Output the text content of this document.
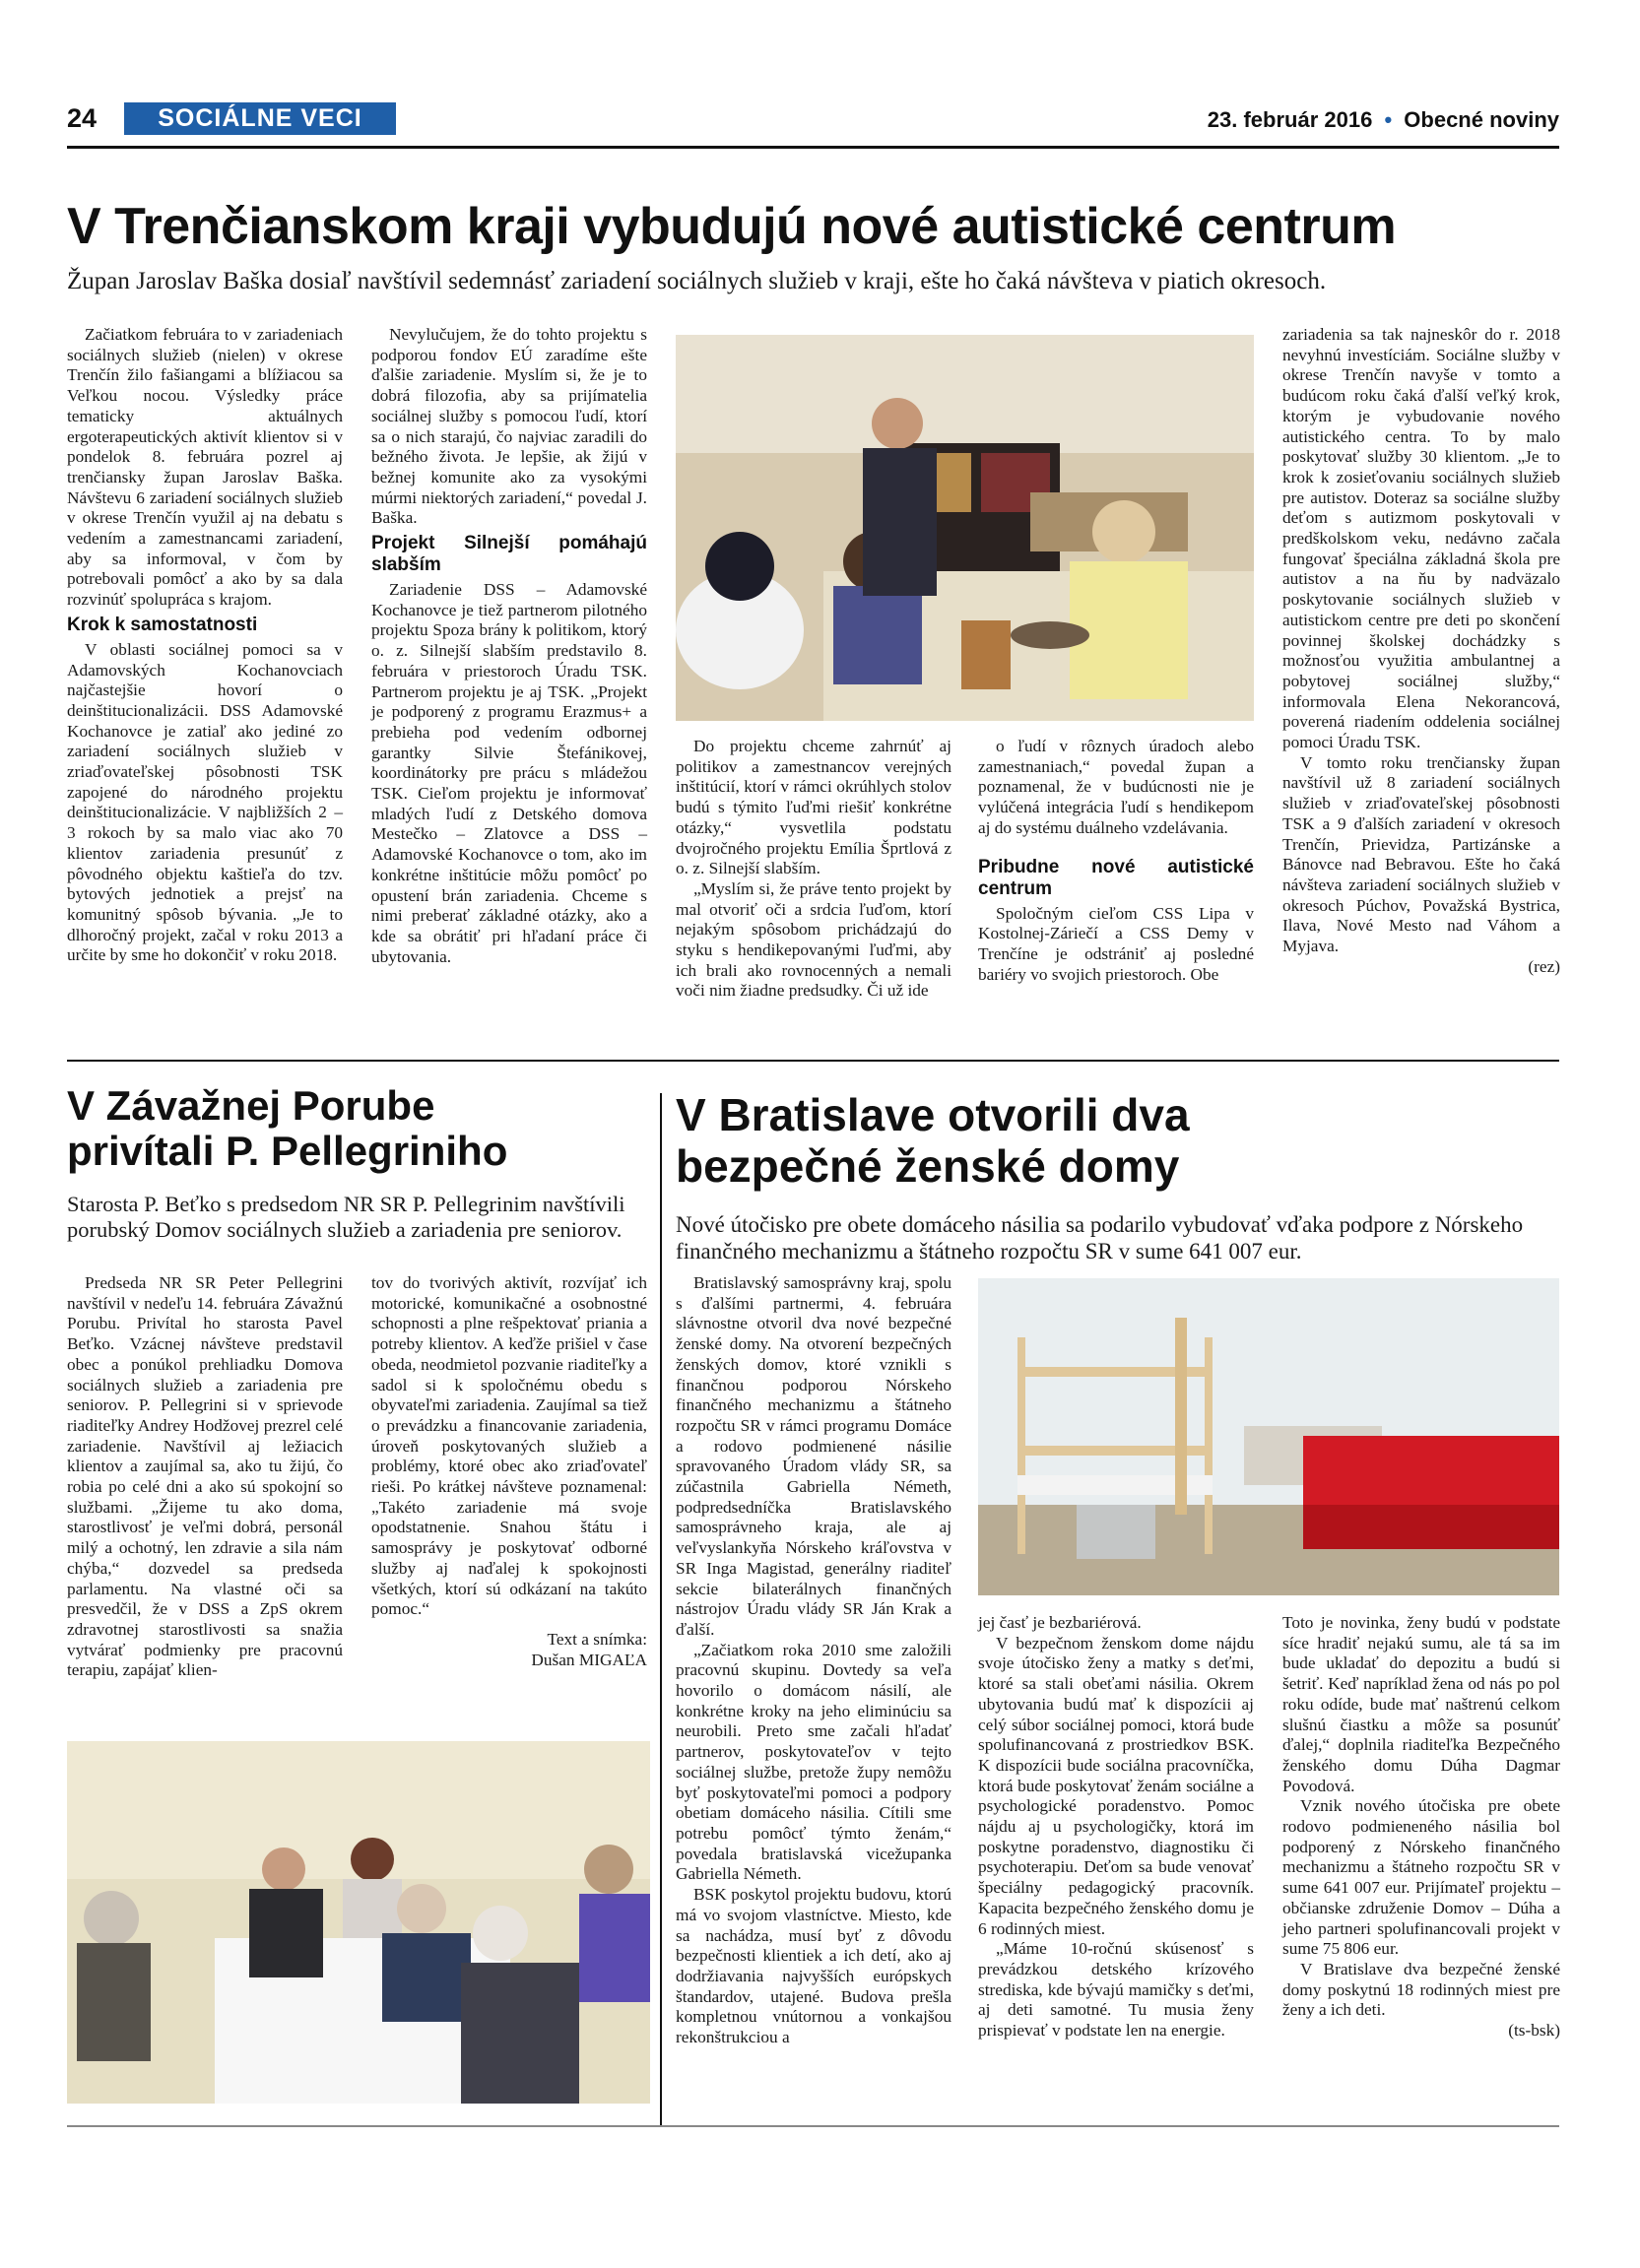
24	SOCIÁLNE VECI	23. február 2016 • Obecné noviny
V Trenčianskom kraji vybudujú nové autistické centrum
Župan Jaroslav Baška dosiaľ navštívil sedemnásť zariadení sociálnych služieb v kraji, ešte ho čaká návšteva v piatich okresoch.

Začiatkom februára to v zariadeniach sociálnych služieb (nielen) v okrese Trenčín žilo fašiangami a blížiacou sa Veľkou nocou. Výsledky práce tematicky aktuálnych ergoterapeutických aktivít klientov si v pondelok 8. februára pozrel aj trenčiansky župan Jaroslav Baška. Návštevu 6 zariadení sociálnych služieb v okrese Trenčín využil aj na debatu s vedením a zamestnancami zariadení, aby sa informoval, v čom by potrebovali pomôcť a ako by sa dala rozvinúť spolupráca s krajom.

Krok k samostatnosti

V oblasti sociálnej pomoci sa v Adamovských Kochanovciach najčastejšie hovorí o deinštitucionalizácii. DSS Adamovské Kochanovce je zatiaľ ako jediné zo zariadení sociálnych služieb v zriaďovateľskej pôsobnosti TSK zapojené do národného projektu deinštitucionalizácie. V najbližších 2 – 3 rokoch by sa malo viac ako 70 klientov zariadenia presunúť z pôvodného objektu kaštieľa do tzv. bytových jednotiek a prejsť na komunitný spôsob bývania. „Je to dlhoročný projekt, začal v roku 2013 a určite by sme ho dokončiť v roku 2018.

Nevylučujem, že do tohto projektu s podporou fondov EÚ zaradíme ešte ďalšie zariadenie. Myslím si, že je to dobrá filozofia, aby sa prijímatelia sociálnej služby s pomocou ľudí, ktorí sa o nich starajú, čo najviac zaradili do bežného života. Je lepšie, ak žijú v bežnej komunite ako za vysokými múrmi niektorých zariadení,“ povedal J. Baška.

Projekt Silnejší pomáhajú slabším

Zariadenie DSS – Adamovské Kochanovce je tiež partnerom pilotného projektu Spoza brány k politikom, ktorý o. z. Silnejší slabším predstavilo 8. februára v priestoroch Úradu TSK. Partnerom projektu je aj TSK. „Projekt je podporený z programu Erazmus+ a prebieha pod vedením odbornej garantky Silvie Štefánikovej, koordinátorky pre prácu s mládežou TSK. Cieľom projektu je informovať mladých ľudí z Detského domova Mestečko – Zlatovce a DSS – Adamovské Kochanovce o tom, ako im konkrétne inštitúcie môžu pomôcť po opustení brán zariadenia. Chceme s nimi preberať základné otázky, ako a kde sa obrátiť pri hľadaní práce či ubytovania.

Do projektu chceme zahrnúť aj politikov a zamestnancov verejných inštitúcií, ktorí v rámci okrúhlych stolov budú s týmito ľuďmi riešiť konkrétne otázky,“ vysvetlila podstatu dvojročného projektu Emília Šprtlová z o. z. Silnejší slabším.

„Myslím si, že práve tento projekt by mal otvoriť oči a srdcia ľuďom, ktorí nejakým spôsobom prichádzajú do styku s hendikepovanými ľuďmi, aby ich brali ako rovnocenných a nemali voči nim žiadne predsudky. Či už ide

o ľudí v rôznych úradoch alebo zamestnaniach,“ povedal župan a poznamenal, že v budúcnosti nie je vylúčená integrácia ľudí s hendikepom aj do systému duálneho vzdelávania.

Pribudne nové autistické centrum

Spoločným cieľom CSS Lipa v Kostolnej-Záriečí a CSS Demy v Trenčíne je odstrániť aj posledné bariéry vo svojich priestoroch. Obe

zariadenia sa tak najneskôr do r. 2018 nevyhnú investíciám. Sociálne služby v okrese Trenčín navyše v tomto a budúcom roku čaká ďalší veľký krok, ktorým je vybudovanie nového autistického centra. To by malo poskytovať služby 30 klientom. „Je to krok k zosieťovaniu sociálnych služieb pre autistov. Doteraz sa sociálne služby deťom s autizmom poskytovali v predškolskom veku, nedávno začala fungovať špeciálna základná škola pre autistov a na ňu by nadväzalo poskytovanie sociálnych služieb v autistickom centre pre deti po skončení povinnej školskej dochádzky s možnosťou využitia ambulantnej a pobytovej sociálnej služby,“ informovala Elena Nekorancová, poverená riadením oddelenia sociálnej pomoci Úradu TSK.

V tomto roku trenčiansky župan navštívil už 8 zariadení sociálnych služieb v zriaďovateľskej pôsobnosti TSK a 9 ďalších zariadení v okresoch Trenčín, Prievidza, Partizánske a Bánovce nad Bebravou. Ešte ho čaká návšteva zariadení sociálnych služieb v okresoch Púchov, Považská Bystrica, Ilava, Nové Mesto nad Váhom a Myjava.

(rez)

V Závažnej Porube
privítali P. Pellegriniho
Starosta P. Beťko s predsedom NR SR P. Pellegrinim navštívili porubský Domov sociálnych služieb a zariadenia pre seniorov.

Predseda NR SR Peter Pellegrini navštívil v nedeľu 14. februára Závažnú Porubu. Privítal ho starosta Pavel Beťko. Vzácnej návšteve predstavil obec a ponúkol prehliadku Domova sociálnych služieb a zariadenia pre seniorov. P. Pellegrini si v sprievode riaditeľky Andrey Hodžovej prezrel celé zariadenie. Navštívil aj ležiacich klientov a zaujímal sa, ako tu žijú, čo robia po celé dni a ako sú spokojní so službami. „Žijeme tu ako doma, starostlivosť je veľmi dobrá, personál milý a ochotný, len zdravie a sila nám chýba,“ dozvedel sa predseda parlamentu. Na vlastné oči sa presvedčil, že v DSS a ZpS okrem zdravotnej starostlivosti sa snažia vytvárať podmienky pre pracovnú terapiu, zapájať klien-

tov do tvorivých aktivít, rozvíjať ich motorické, komunikačné a osobnostné schopnosti a plne rešpektovať priania a potreby klientov. A keďže prišiel v čase obeda, neodmietol pozvanie riaditeľky a sadol si k spoločnému obedu s obyvateľmi zariadenia. Zaujímal sa tiež o prevádzku a financovanie zariadenia, úroveň poskytovaných služieb a problémy, ktoré obec ako zriaďovateľ rieši. Po krátkej návšteve poznamenal: „Takéto zariadenie má svoje opodstatnenie. Snahou štátu i samosprávy je poskytovať odborné služby aj naďalej k spokojnosti všetkých, ktorí sú odkázaní na takúto pomoc.“

Text a snímka:

Dušan MIGAĽA

V Bratislave otvorili dva
bezpečné ženské domy
Nové útočisko pre obete domáceho násilia sa podarilo vybudovať vďaka podpore z Nórskeho finančného mechanizmu a štátneho rozpočtu SR v sume 641 007 eur.

Bratislavský samosprávny kraj, spolu s ďalšími partnermi, 4. februára slávnostne otvoril dva nové bezpečné ženské domy. Na otvorení bezpečných ženských domov, ktoré vznikli s finančnou podporou Nórskeho finančného mechanizmu a štátneho rozpočtu SR v rámci programu Domáce a rodovo podmienené násilie spravovaného Úradom vlády SR, sa zúčastnila Gabriella Németh, podpredsedníčka Bratislavského samosprávneho kraja, ale aj veľvyslankyňa Nórskeho kráľovstva v SR Inga Magistad, generálny riaditeľ sekcie bilaterálnych finančných nástrojov Úradu vlády SR Ján Krak a ďalší.

„Začiatkom roka 2010 sme založili pracovnú skupinu. Dovtedy sa veľa hovorilo o domácom násilí, ale konkrétne kroky na jeho eliminúciu sa neurobili. Preto sme začali hľadať partnerov, poskytovateľov v tejto sociálnej službe, pretože župy nemôžu byť poskytovateľmi pomoci a podpory obetiam domáceho násilia. Cítili sme potrebu pomôcť týmto ženám,“ povedala bratislavská vicežupanka Gabriella Németh.

BSK poskytol projektu budovu, ktorú má vo svojom vlastníctve. Miesto, kde sa nachádza, musí byť z dôvodu bezpečnosti klientiek a ich detí, ako aj dodržiavania najvyšších európskych štandardov, utajené. Budova prešla kompletnou vnútornou a vonkajšou rekonštrukciou a

jej časť je bezbariérová.

V bezpečnom ženskom dome nájdu svoje útočisko ženy a matky s deťmi, ktoré sa stali obeťami násilia. Okrem ubytovania budú mať k dispozícii aj celý súbor sociálnej pomoci, ktorá bude spolufinancovaná z prostriedkov BSK. K dispozícii bude sociálna pracovníčka, ktorá bude poskytovať ženám sociálne a psychologické poradenstvo. Pomoc nájdu aj u psychologičky, ktorá im poskytne poradenstvo, diagnostiku či psychoterapiu. Deťom sa bude venovať špeciálny pedagogický pracovník. Kapacita bezpečného ženského domu je 6 rodinných miest.

„Máme 10-ročnú skúsenosť s prevádzkou detského krízového strediska, kde bývajú mamičky s deťmi, aj deti samotné. Tu musia ženy prispievať v podstate len na energie.

Toto je novinka, ženy budú v podstate síce hradiť nejakú sumu, ale tá sa im bude ukladať do depozitu a budú si šetriť. Keď napríklad žena od nás po pol roku odíde, bude mať naštrenú celkom slušnú čiastku a môže sa posunúť ďalej,“ doplnila riaditeľka Bezpečného ženského domu Dúha Dagmar Povodová.

Vznik nového útočiska pre obete rodovo podmieneného násilia bol podporený z Nórskeho finančného mechanizmu a štátneho rozpočtu SR v sume 641 007 eur. Prijímateľ projektu – občianske združenie Domov – Dúha a jeho partneri spolufinancovali projekt v sume 75 806 eur.

V Bratislave dva bezpečné ženské domy poskytnú 18 rodinných miest pre ženy a ich deti.

(ts-bsk)
